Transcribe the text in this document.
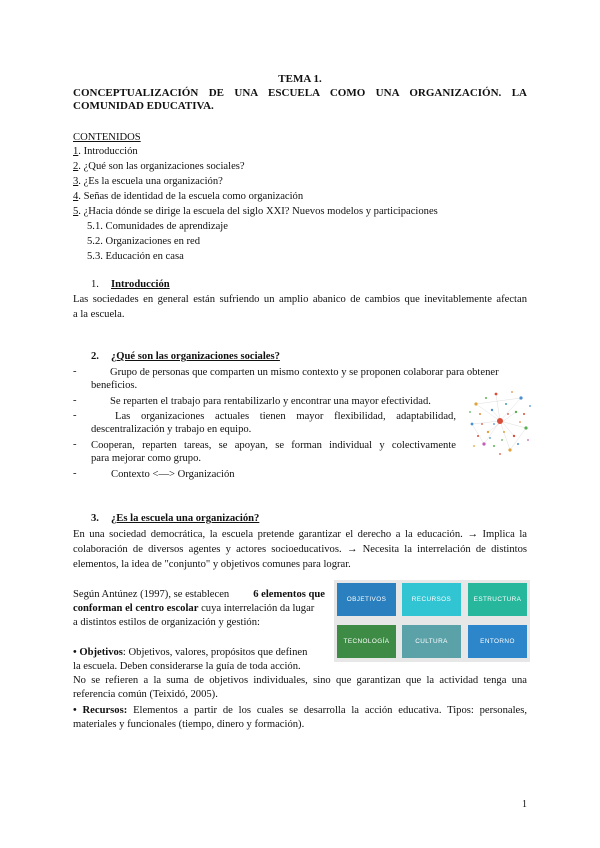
TEMA 1.
CONCEPTUALIZACIÓN DE UNA ESCUELA COMO UNA ORGANIZACIÓN. LA
COMUNIDAD EDUCATIVA.
CONTENIDOS
1. Introducción
2. ¿Qué son las organizaciones sociales?
3. ¿Es la escuela una organización?
4. Señas de identidad de la escuela como organización
5. ¿Hacia dónde se dirige la escuela del siglo XXI? Nuevos modelos y participaciones
5.1. Comunidades de aprendizaje
5.2. Organizaciones en red
5.3. Educación en casa
1. Introducción
Las sociedades en general están sufriendo un amplio abanico de cambios que inevitablemente afectan
a la escuela.
2. ¿Qué son las organizaciones sociales?
-	Grupo de personas que comparten un mismo contexto y se proponen colaborar para obtener
beneficios.
-	Se reparten el trabajo para rentabilizarlo y encontrar una mayor efectividad.
-	Las organizaciones actuales tienen mayor flexibilidad, adaptabilidad,
descentralización y trabajo en equipo.
- Cooperan, reparten tareas, se apoyan, se forman individual y colectivamente
para mejorar como grupo.
-	Contexto <—> Organización
3. ¿Es la escuela una organización?
En una sociedad democrática, la escuela pretende garantizar el derecho a la educación. → Implica la
colaboración de diversos agentes y actores socioeducativos. → Necesita la interrelación de distintos
elementos, la idea de "conjunto" y objetivos comunes para lograr.
Según Antúnez (1997), se establecen 6 elementos que
conforman el centro escolar cuya interrelación da lugar
a distintos estilos de organización y gestión:
• Objetivos: Objetivos, valores, propósitos que definen
la escuela. Deben considerarse la guía de toda acción.
No se refieren a la suma de objetivos individuales, sino que garantizan que la actividad tenga una
referencia común (Teixidó, 2005).
• Recursos: Elementos a partir de los cuales se desarrolla la acción educativa. Tipos: personales,
materiales y funcionales (tiempo, dinero y formación).
OBJETIVOS	RECURSOS	ESTRUCTURA
TECNOLOGÍA	CULTURA	ENTORNO
1
